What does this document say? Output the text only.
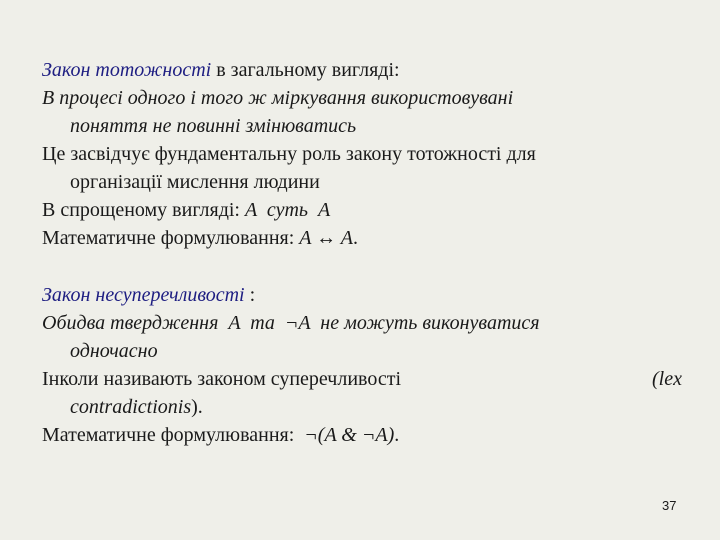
Закон тотожності в загальному вигляді:
В процесі одного і того ж міркування використовувані
поняття не повинні змінюватись
Це засвідчує фундаментальну роль закону тотожності для
організації мислення людини
В спрощеному вигляді: A  суть  A
Математичне формулювання: A ↔ A.
Закон несуперечливості :
Обидва твердження  A  та  ¬A  не можуть виконуватися
одночасно
Інколи називають законом суперечливості	(lex
contradictionis).
Математичне формулювання:  ¬(A & ¬A).
37
